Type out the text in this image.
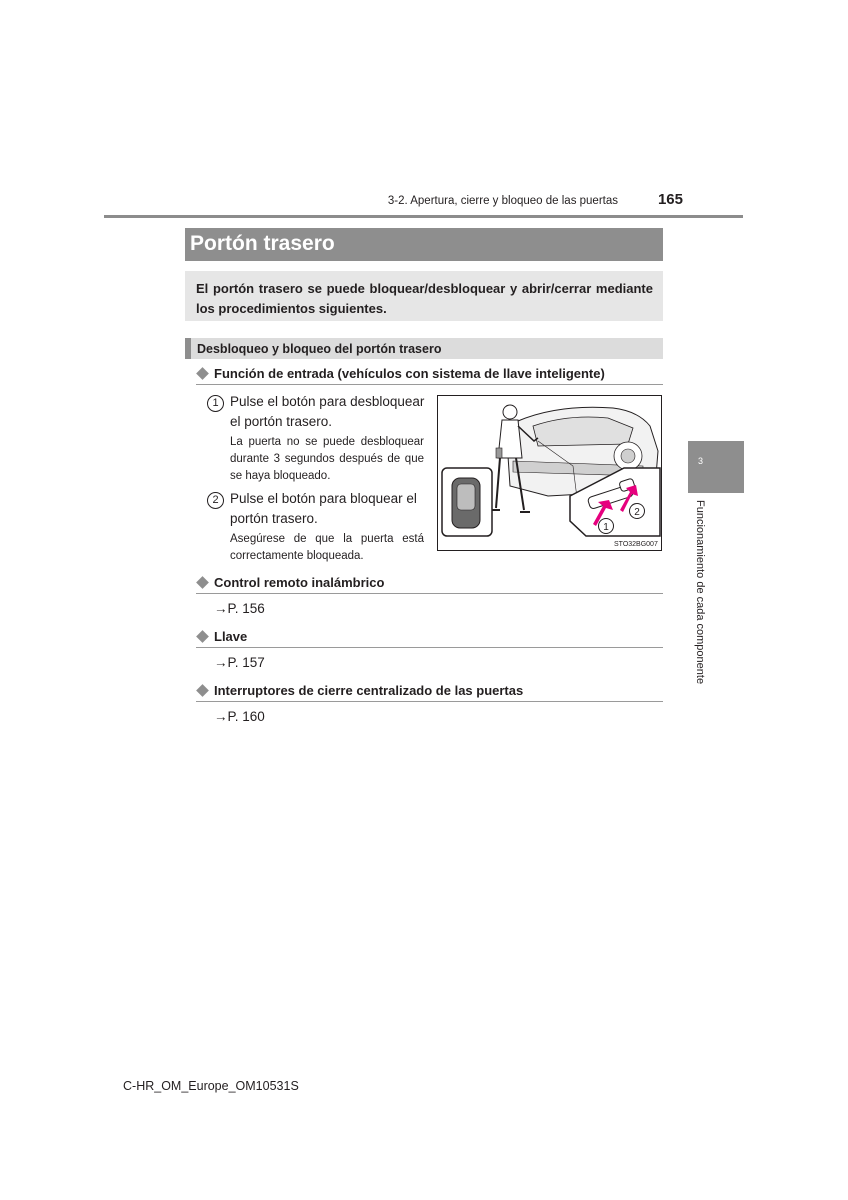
3-2. Apertura, cierre y bloqueo de las puertas	165
Portón trasero
El portón trasero se puede bloquear/desbloquear y abrir/cerrar mediante los procedimientos siguientes.
Desbloqueo y bloqueo del portón trasero
Función de entrada (vehículos con sistema de llave inteligente)
1 Pulse el botón para desbloquear
el portón trasero.
La puerta no se puede desbloquear durante 3 segundos después de que se haya bloqueado.
2 Pulse el botón para bloquear el
portón trasero.
Asegúrese de que la puerta está correctamente bloqueada.
1
2
STO32BG007
Control remoto inalámbrico
→P. 156
Llave
→P. 157
Interruptores de cierre centralizado de las puertas
→P. 160
3
Funcionamiento de cada componente
C-HR_OM_Europe_OM10531S
